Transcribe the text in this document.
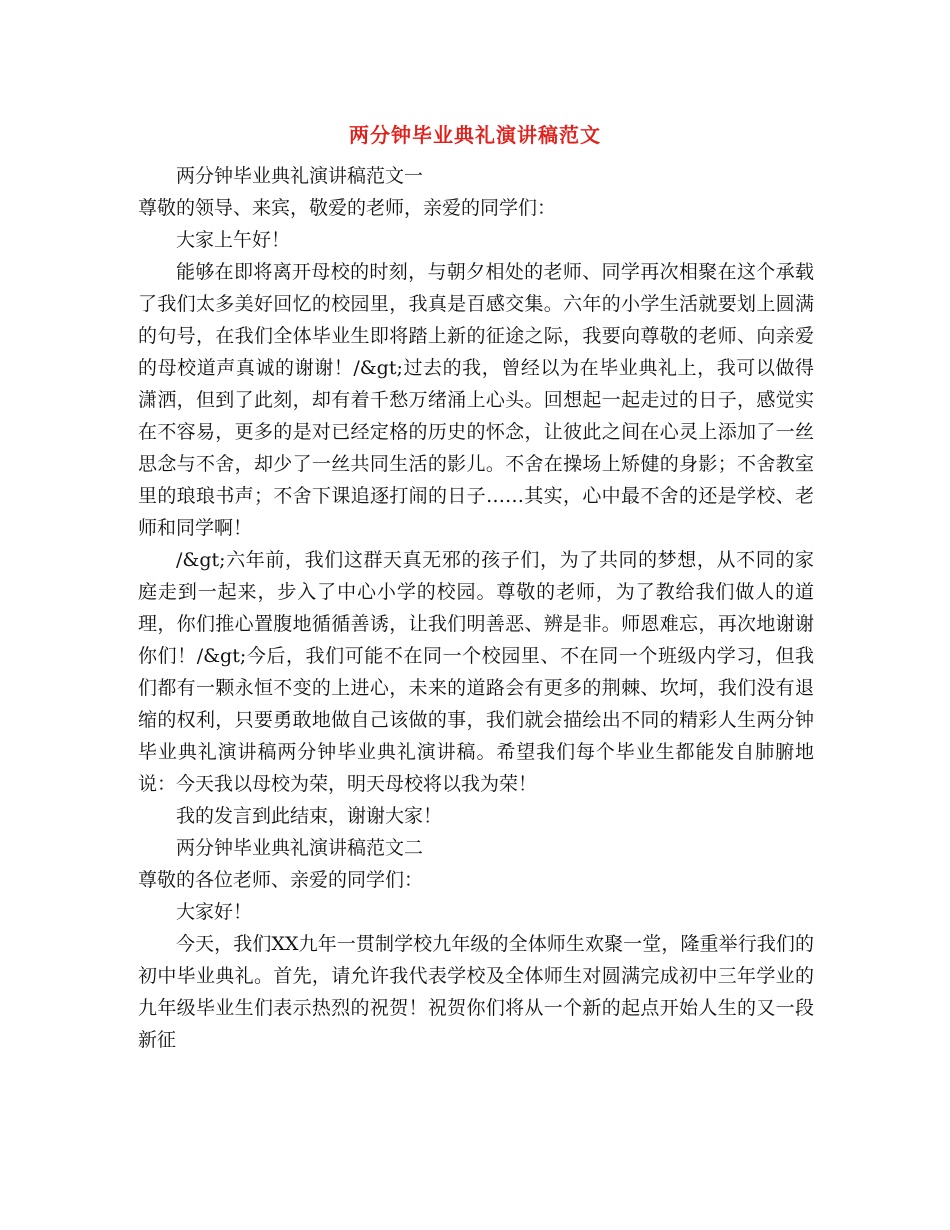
两分钟毕业典礼演讲稿范文

两分钟毕业典礼演讲稿范文一

尊敬的领导、来宾，敬爱的老师，亲爱的同学们：

大家上午好！

能够在即将离开母校的时刻，与朝夕相处的老师、同学再次相聚在这个承载了我们太多美好回忆的校园里，我真是百感交集。六年的小学生活就要划上圆满的句号，在我们全体毕业生即将踏上新的征途之际，我要向尊敬的老师、向亲爱的母校道声真诚的谢谢！/&gt;过去的我，曾经以为在毕业典礼上，我可以做得潇洒，但到了此刻，却有着千愁万绪涌上心头。回想起一起走过的日子，感觉实在不容易，更多的是对已经定格的历史的怀念，让彼此之间在心灵上添加了一丝思念与不舍，却少了一丝共同生活的影儿。不舍在操场上矫健的身影；不舍教室里的琅琅书声；不舍下课追逐打闹的日子……其实，心中最不舍的还是学校、老师和同学啊！

/&gt;六年前，我们这群天真无邪的孩子们，为了共同的梦想，从不同的家庭走到一起来，步入了中心小学的校园。尊敬的老师，为了教给我们做人的道理，你们推心置腹地循循善诱，让我们明善恶、辨是非。师恩难忘，再次地谢谢你们！/&gt;今后，我们可能不在同一个校园里、不在同一个班级内学习，但我们都有一颗永恒不变的上进心，未来的道路会有更多的荆棘、坎坷，我们没有退缩的权利，只要勇敢地做自己该做的事，我们就会描绘出不同的精彩人生两分钟毕业典礼演讲稿两分钟毕业典礼演讲稿。希望我们每个毕业生都能发自肺腑地说：今天我以母校为荣，明天母校将以我为荣！

我的发言到此结束，谢谢大家！

两分钟毕业典礼演讲稿范文二

尊敬的各位老师、亲爱的同学们：

大家好！

今天，我们XX九年一贯制学校九年级的全体师生欢聚一堂，隆重举行我们的初中毕业典礼。首先，请允许我代表学校及全体师生对圆满完成初中三年学业的九年级毕业生们表示热烈的祝贺！祝贺你们将从一个新的起点开始人生的又一段新征
